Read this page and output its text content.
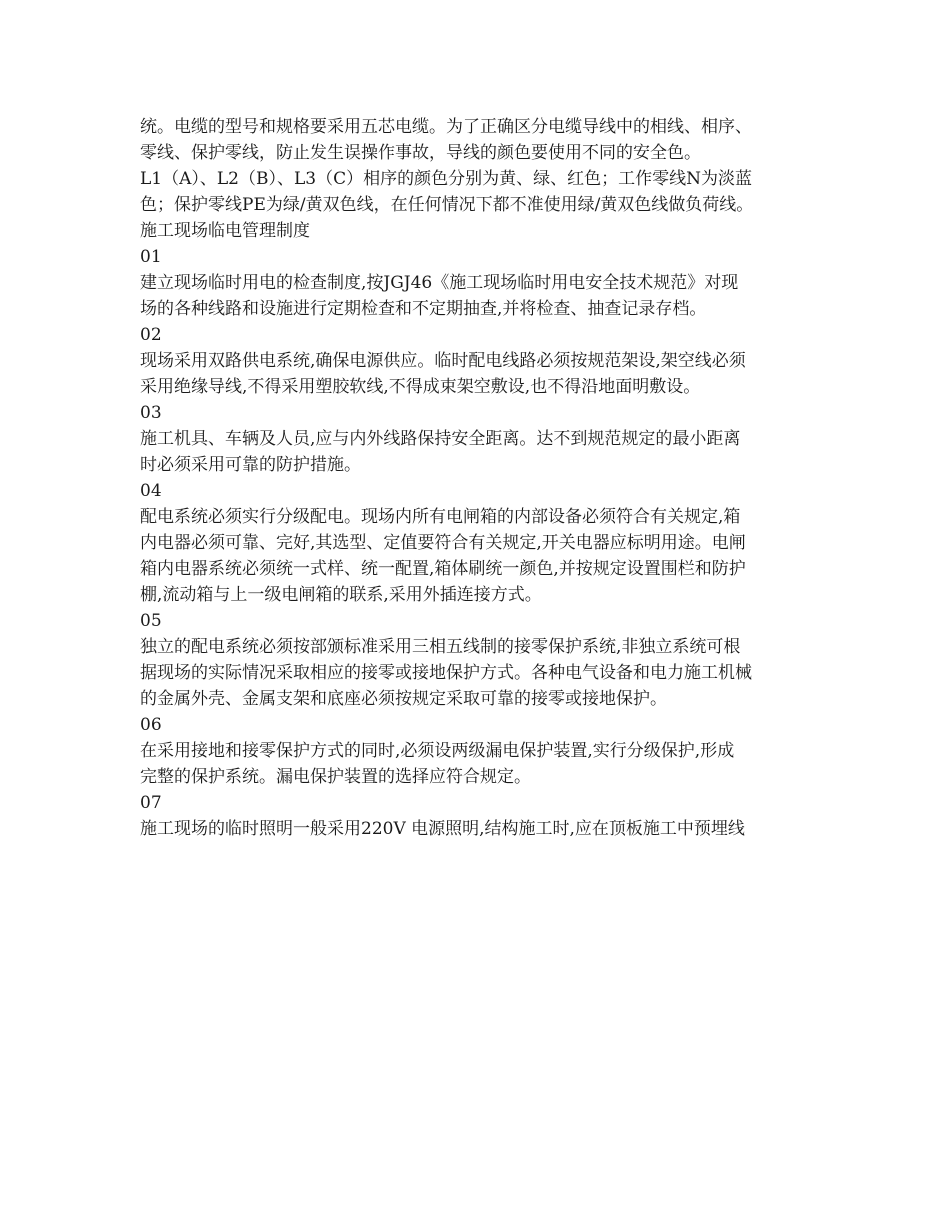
统。电缆的型号和规格要采用五芯电缆。为了正确区分电缆导线中的相线、相序、
零线、保护零线，防止发生误操作事故，导线的颜色要使用不同的安全色。
L1（A）、L2（B）、L3（C）相序的颜色分别为黄、绿、红色；工作零线N为淡蓝
色；保护零线PE为绿/黄双色线，在任何情况下都不准使用绿/黄双色线做负荷线。
施工现场临电管理制度
01
建立现场临时用电的检查制度,按JGJ46《施工现场临时用电安全技术规范》对现
场的各种线路和设施进行定期检查和不定期抽查,并将检查、抽查记录存档。
02
现场采用双路供电系统,确保电源供应。临时配电线路必须按规范架设,架空线必须
采用绝缘导线,不得采用塑胶软线,不得成束架空敷设,也不得沿地面明敷设。
03
施工机具、车辆及人员,应与内外线路保持安全距离。达不到规范规定的最小距离
时必须采用可靠的防护措施。
04
配电系统必须实行分级配电。现场内所有电闸箱的内部设备必须符合有关规定,箱
内电器必须可靠、完好,其选型、定值要符合有关规定,开关电器应标明用途。电闸
箱内电器系统必须统一式样、统一配置,箱体刷统一颜色,并按规定设置围栏和防护
棚,流动箱与上一级电闸箱的联系,采用外插连接方式。
05
独立的配电系统必须按部颁标准采用三相五线制的接零保护系统,非独立系统可根
据现场的实际情况采取相应的接零或接地保护方式。各种电气设备和电力施工机械
的金属外壳、金属支架和底座必须按规定采取可靠的接零或接地保护。
06
在采用接地和接零保护方式的同时,必须设两级漏电保护装置,实行分级保护,形成
完整的保护系统。漏电保护装置的选择应符合规定。
07
施工现场的临时照明一般采用220V 电源照明,结构施工时,应在顶板施工中预埋线
